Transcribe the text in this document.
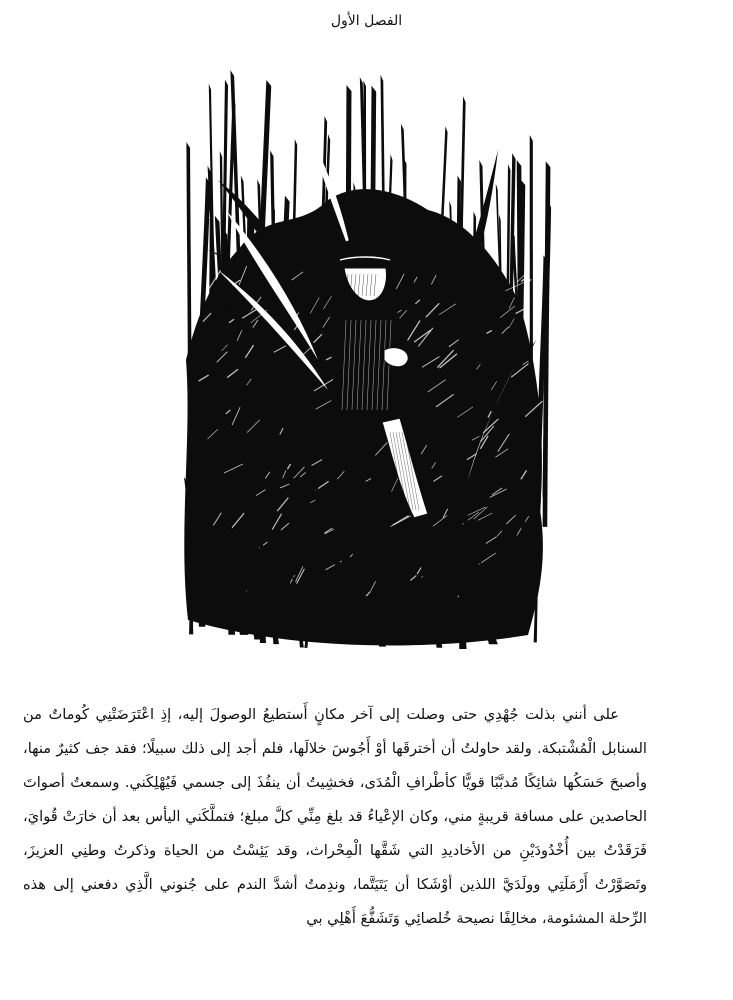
الفصل الأول

على أنني بذلت جُهْدِي حتى وصلت إلى آخر مكانٍ أَستطيعُ الوصولَ إليه، إذِ اعْتَرَضَتْنِي كُوماتٌ من السنابل الْمُشْتبكة. ولقد حاولتُ أن أخترقَها أوْ أَجُوسَ خلالَها، فلم أجد إلى ذلك سبيلًا؛ فقد جف كثيرٌ منها، وأصبحَ حَسَكُها شائِكًا مُدبَّبًا قويًّا كأطْرافِ الْمُدَى، فخشِيتُ أن ينفُذَ إلى جسمي فَيُهْلِكَني. وسمعتُ أصواتَ الحاصدين على مسافة قريبةٍ مني، وكان الإعْياءُ قد بلغ مِنِّي كلَّ مبلغ؛ فتملَّكَني اليأس بعد أن خارَتْ قُوايَ، فَرَقَدْتُ بين أُخْدُودَيْنِ من الأخاديدِ التي شَقَّها الْمِحْراث، وقد يَئِسْتُ من الحياة وذكرتُ وطنِي العزيزَ، وتَصَوَّرْتُ أَرْمَلَتِي وولَدَيَّ اللذين أوْشَكا أن يَتَيَتَّما، وندِمتُ أشدَّ الندم على جُنوني الَّذِي دفعني إلى هذه الرِّحلة المشئومة، مخالِفًا نصيحة خُلصائِي وَتَشَفُّعَ أَهْلِي بي
